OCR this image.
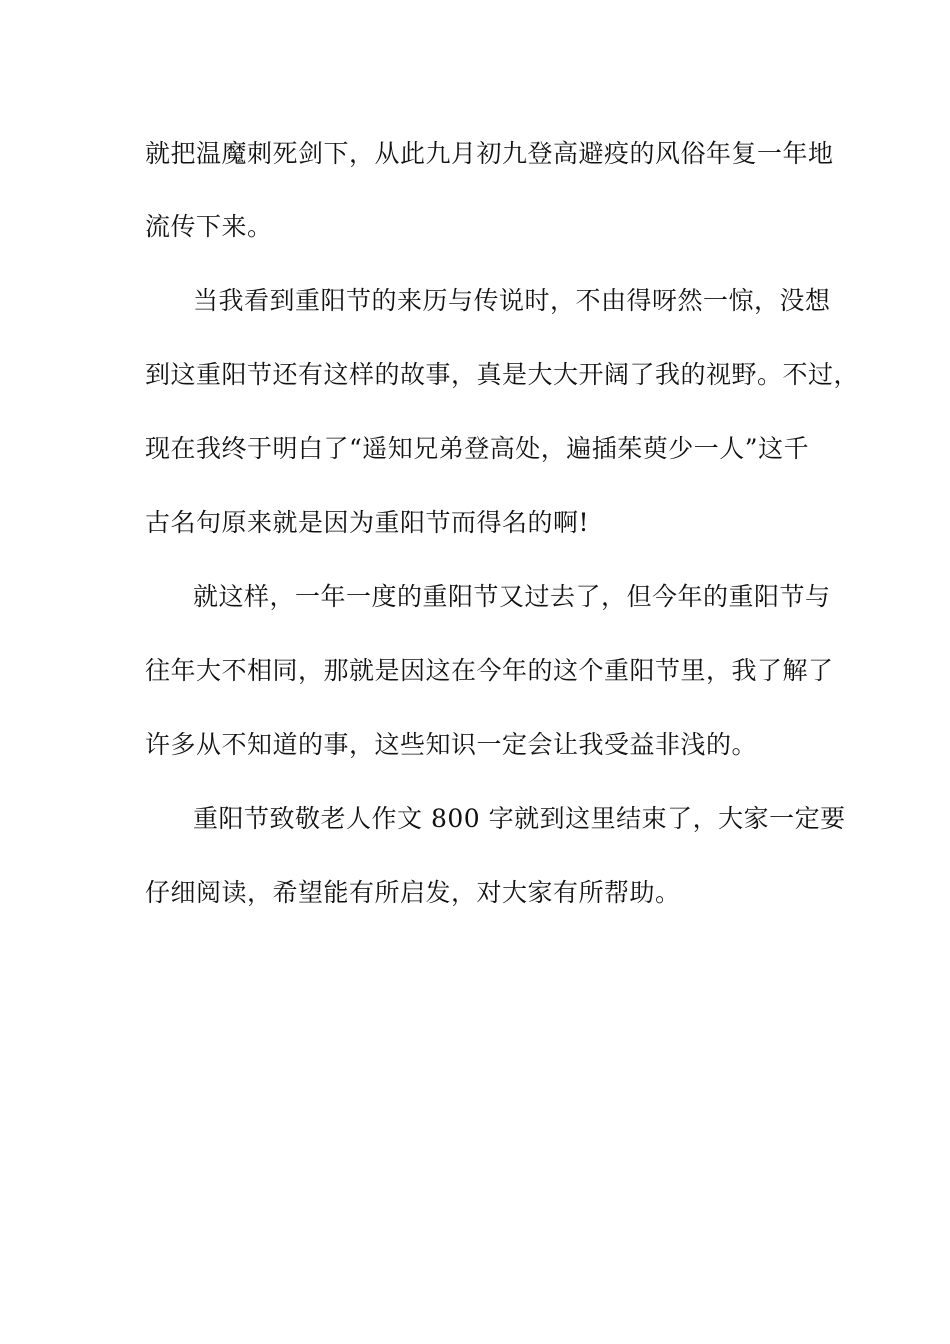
就把温魔刺死剑下，从此九月初九登高避疫的风俗年复一年地
流传下来。
当我看到重阳节的来历与传说时，不由得呀然一惊，没想
到这重阳节还有这样的故事，真是大大开阔了我的视野。不过，
现在我终于明白了“遥知兄弟登高处，遍插茱萸少一人”这千
古名句原来就是因为重阳节而得名的啊!
就这样，一年一度的重阳节又过去了，但今年的重阳节与
往年大不相同，那就是因这在今年的这个重阳节里，我了解了
许多从不知道的事，这些知识一定会让我受益非浅的。
重阳节致敬老人作文 800 字就到这里结束了，大家一定要
仔细阅读，希望能有所启发，对大家有所帮助。
